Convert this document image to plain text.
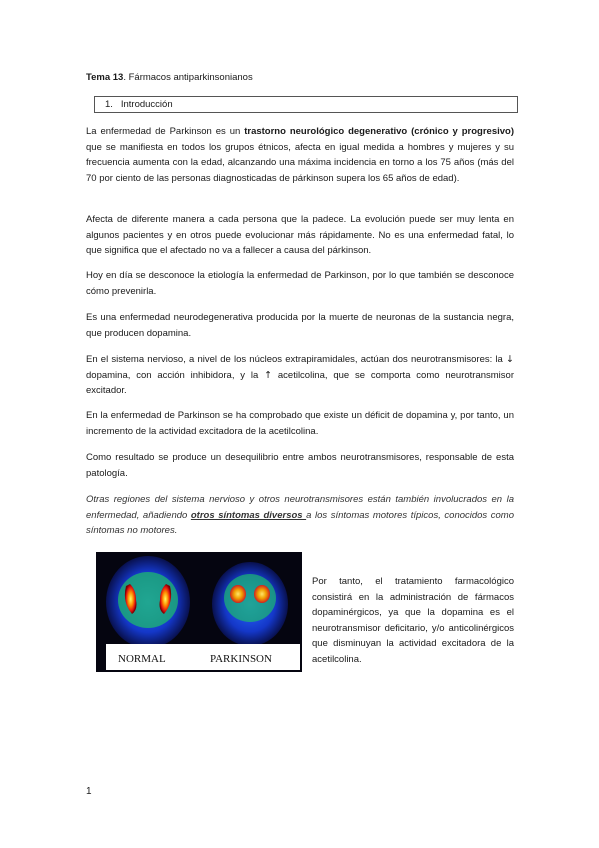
Tema 13. Fármacos antiparkinsonianos
1. Introducción

La enfermedad de Parkinson es un trastorno neurológico degenerativo (crónico y progresivo) que se manifiesta en todos los grupos étnicos, afecta en igual medida a hombres y mujeres y su frecuencia aumenta con la edad, alcanzando una máxima incidencia en torno a los 75 años (más del 70 por ciento de las personas diagnosticadas de párkinson supera los 65 años de edad).

Afecta de diferente manera a cada persona que la padece. La evolución puede ser muy lenta en algunos pacientes y en otros puede evolucionar más rápidamente. No es una enfermedad fatal, lo que significa que el afectado no va a fallecer a causa del párkinson.

Hoy en día se desconoce la etiología la enfermedad de Parkinson, por lo que también se desconoce cómo prevenirla.

Es una enfermedad neurodegenerativa producida por la muerte de neuronas de la sustancia negra, que producen dopamina.

En el sistema nervioso, a nivel de los núcleos extrapiramidales, actúan dos neurotransmisores: la ↓ dopamina, con acción inhibidora, y la ↑ acetilcolina, que se comporta como neurotransmisor excitador.

En la enfermedad de Parkinson se ha comprobado que existe un déficit de dopamina y, por tanto, un incremento de la actividad excitadora de la acetilcolina.

Como resultado se produce un desequilibrio entre ambos neurotransmisores, responsable de esta patología.

Otras regiones del sistema nervioso y otros neurotransmisores están también involucrados en la enfermedad, añadiendo otros síntomas diversos a los síntomas motores típicos, conocidos como síntomas no motores.

NORMAL	PARKINSON

Por tanto, el tratamiento farmacológico consistirá en la administración de fármacos dopaminérgicos, ya que la dopamina es el neurotransmisor deficitario, y/o anticolinérgicos que disminuyan la actividad excitadora de la acetilcolina.

1
